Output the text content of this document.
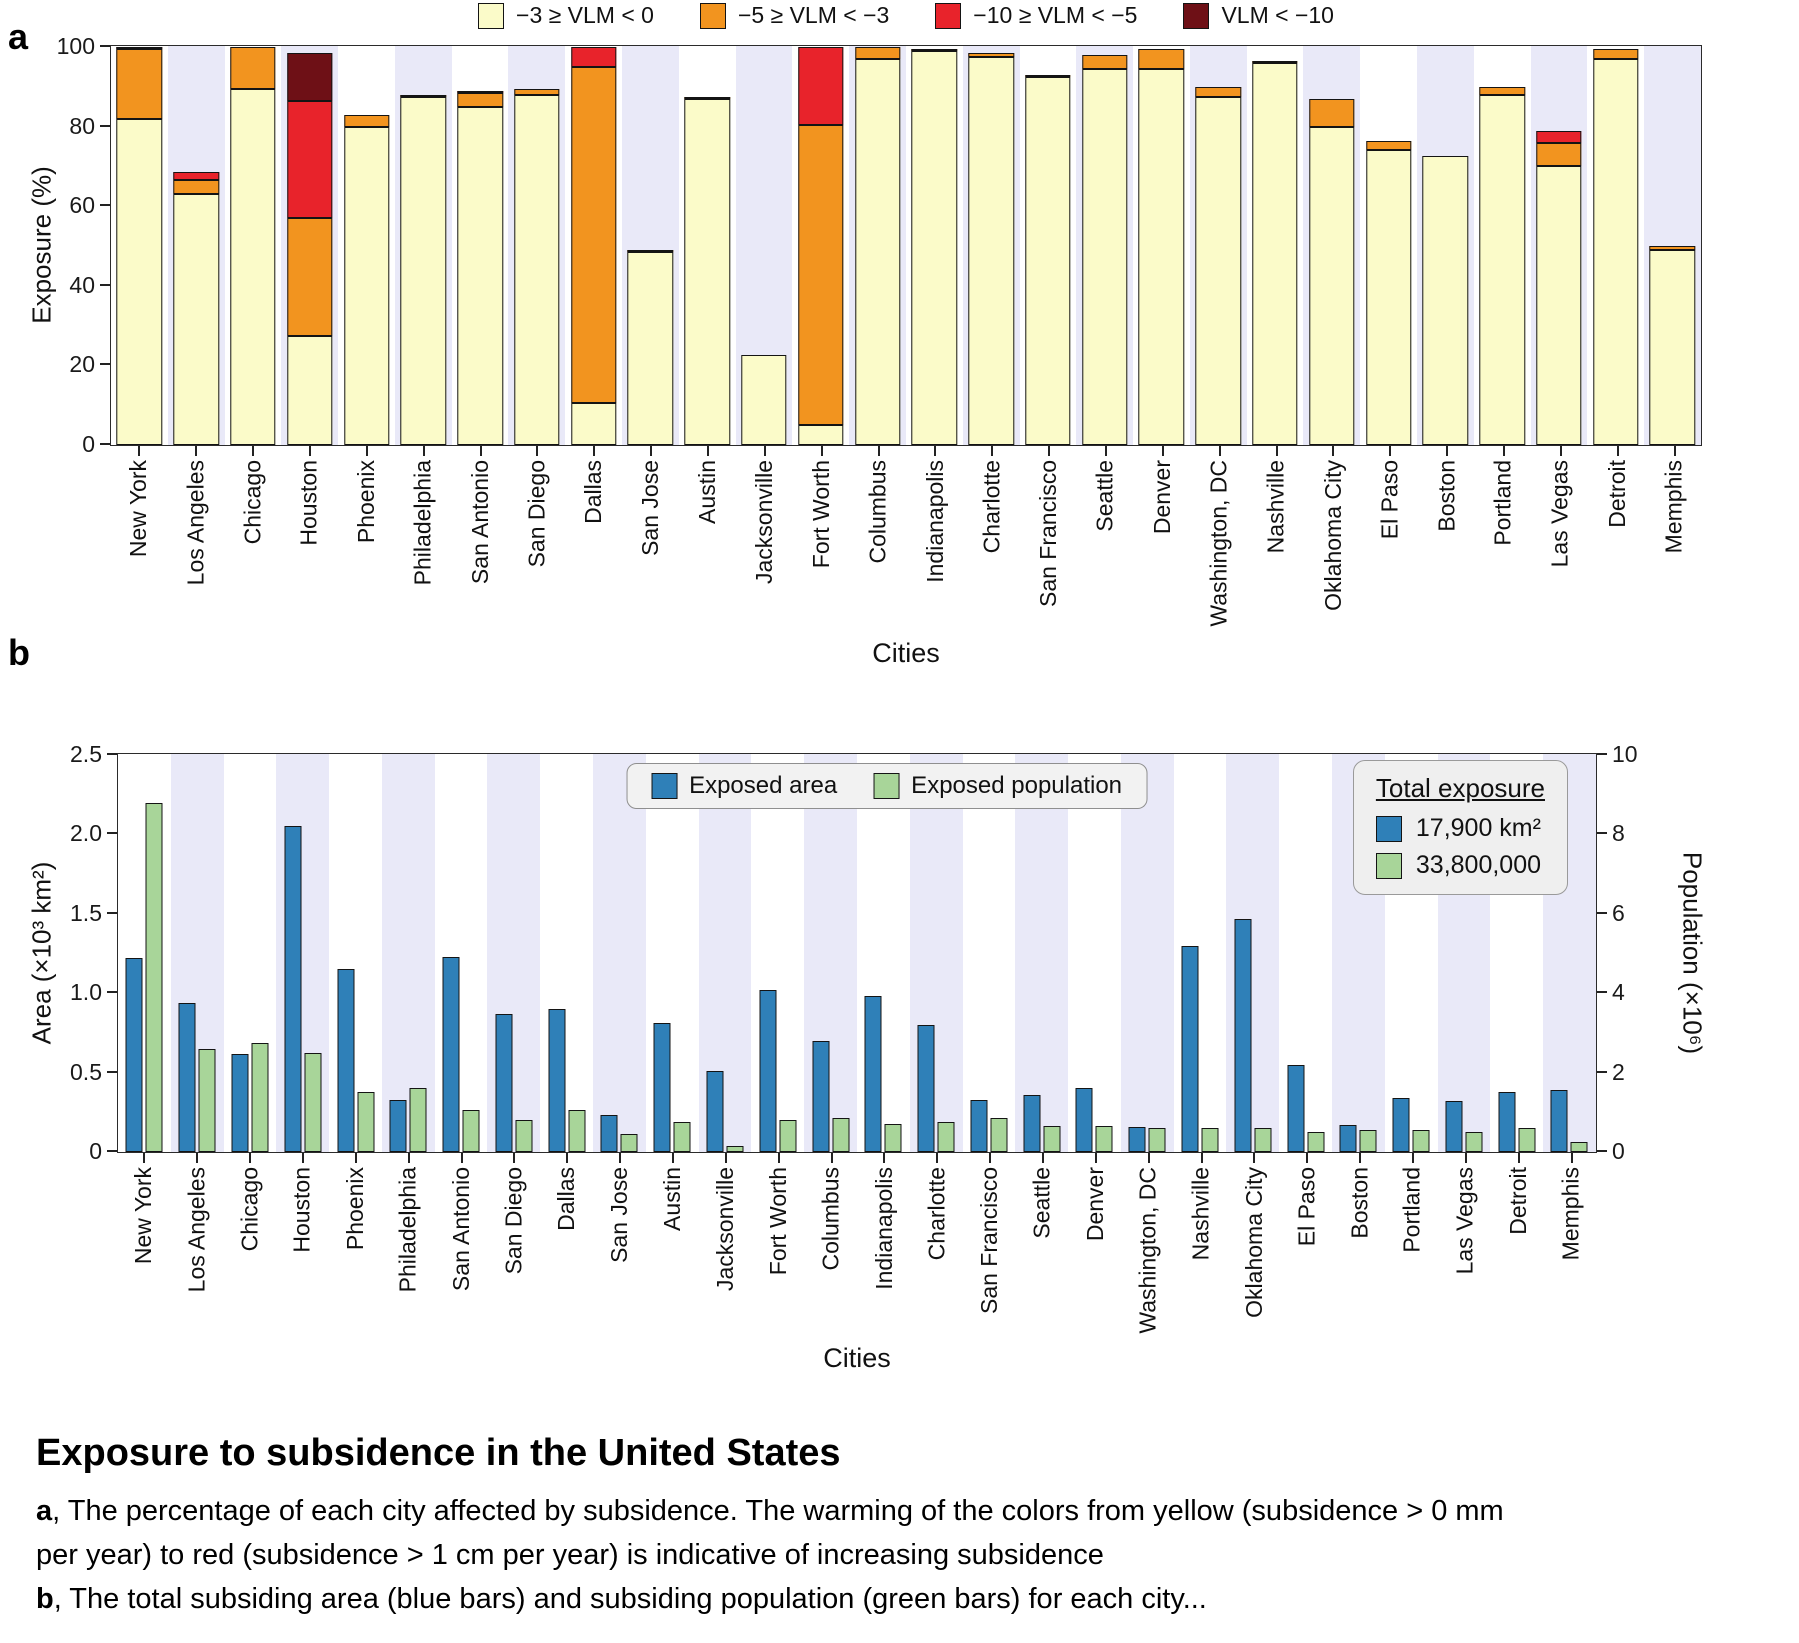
−3 ≥ VLM < 0	−5 ≥ VLM < −3	−10 ≥ VLM < −5	VLM < −10
a
Exposure (%)
0
20
40
60
80
100
New York Los Angeles Chicago Houston Phoenix Philadelphia San Antonio San Diego Dallas San Jose Austin Jacksonville Fort Worth Columbus Indianapolis Charlotte San Francisco Seattle Denver Washington, DC Nashville Oklahoma City El Paso Boston Portland Las Vegas Detroit Memphis
Cities
b
Area (×10³ km²)	Population (×10⁶)
0
0.5
1.0
1.5
2.0
2.5
0
2
4
6
8
10
Exposed area	Exposed population	Total exposure
17,900 km²
33,800,000
New York Los Angeles Chicago Houston Phoenix Philadelphia San Antonio San Diego Dallas San Jose Austin Jacksonville Fort Worth Columbus Indianapolis Charlotte San Francisco Seattle Denver Washington, DC Nashville Oklahoma City El Paso Boston Portland Las Vegas Detroit Memphis
Cities
Exposure to subsidence in the United States
a, The percentage of each city affected by subsidence. The warming of the colors from yellow (subsidence > 0 mm
per year) to red (subsidence > 1 cm per year) is indicative of increasing subsidence
b, The total subsiding area (blue bars) and subsiding population (green bars) for each city...
